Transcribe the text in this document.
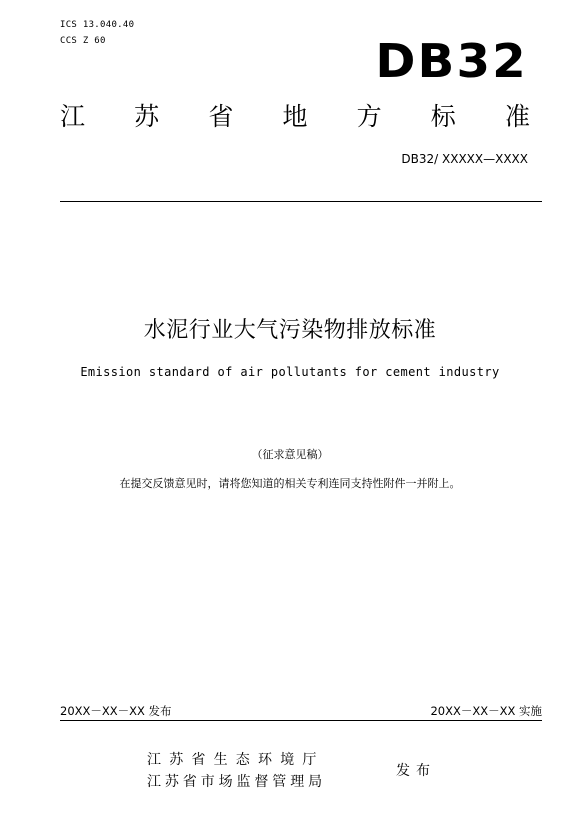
ICS 13.040.40
CCS Z 60	DB32
江 苏 省 地 方 标 准
DB32/ XXXXX—XXXX
水泥行业大气污染物排放标准
Emission standard of air pollutants for cement industry
（征求意见稿）
在提交反馈意见时，请将您知道的相关专利连同支持性附件一并附上。
20XX－XX－XX 发布	20XX－XX－XX 实施
江苏省生态环境厅
江苏省市场监督管理局
发布
